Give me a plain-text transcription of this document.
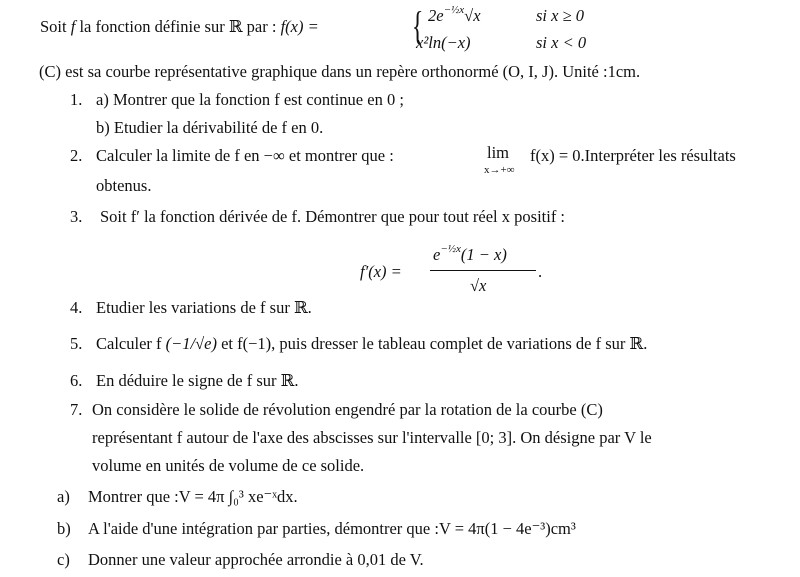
Soit f la fonction définie sur ℝ par : f(x) = { $2e^{-\frac{1}{2}x}√x$	si x ≥ 0
x²ln(−x)	si x < 0
(C) est sa courbe représentative graphique dans un repère orthonormé (O, I, J). Unité :1cm.
1. a) Montrer que la fonction f est continue en 0 ;
b) Etudier la dérivabilité de f en 0.
2. Calculer la limite de f en −∞ et montrer que :	lim
x→+∞
f(x) = 0.Interpréter les résultats
obtenus.
3. Soit f′ la fonction dérivée de f. Démontrer que pour tout réel x positif :
f′(x) =
$e^{-\frac{1}{2}x}(1 - x)$
√x
.
4. Etudier les variations de f sur ℝ.
5. Calculer f (−1/√e) et f(−1), puis dresser le tableau complet de variations de f sur ℝ.
6. En déduire le signe de f sur ℝ.
7. On considère le solide de révolution engendré par la rotation de la courbe (C)
représentant f autour de l'axe des abscisses sur l'intervalle [0; 3]. On désigne par V le
volume en unités de volume de ce solide.
a) Montrer que :V = 4π ∫₀³ xe⁻ˣdx.
b) A l'aide d'une intégration par parties, démontrer que :V = 4π(1 − 4e⁻³)cm³
c) Donner une valeur approchée arrondie à 0,01 de V.
